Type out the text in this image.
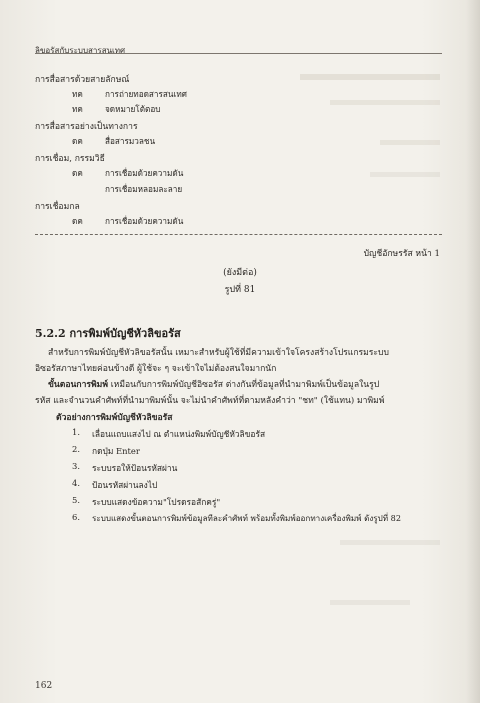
ลิขอรัสกับระบบสารสนเทศ
การสื่อสารด้วยสายลักษณ์
ทค	การถ่ายทอดสารสนเทศ
ทค	จดหมายโต้ตอบ
การสื่อสารอย่างเป็นทางการ
ดค	สื่อสารมวลชน
การเชื่อม, กรรมวิธี
ดค	การเชื่อมด้วยความดัน
การเชื่อมหลอมละลาย
การเชื่อมกล
ดค	การเชื่อมด้วยความดัน
บัญชีอักษรรัส หน้า 1
(ยังมีต่อ)
รูปที่ 81
5.2.2 การพิมพ์บัญชีหัวลิขอรัส
สำหรับการพิมพ์บัญชีหัวลิขอรัสนั้น เหมาะสำหรับผู้ใช้ที่มีความเข้าใจโครงสร้างโปรแกรมระบบ
อิซอรัสภาษาไทยค่อนข้างดี ผู้ใช้จะ ๆ จะเข้าใจไม่ต้องสนใจมากนัก
ขั้นตอนการพิมพ์ เหมือนกับการพิมพ์บัญชีอิซอรัส ต่างกันที่ข้อมูลที่นำมาพิมพ์เป็นข้อมูลในรูป
รหัส และจำนวนคำศัพท์ที่นำมาพิมพ์นั้น จะไม่นำคำศัพท์ที่ตามหลังคำว่า "ชท" (ใช้แทน) มาพิมพ์
ตัวอย่างการพิมพ์บัญชีหัวลิขอรัส
1. เลื่อนแถบแสงไป ณ ตำแหน่งพิมพ์บัญชีหัวลิขอรัส
2. กดปุ่ม Enter
3. ระบบรอให้ป้อนรหัสผ่าน
4. ป้อนรหัสผ่านลงไป
5. ระบบแสดงข้อความ"โปรดรอสักครู่"
6. ระบบแสดงขั้นตอนการพิมพ์ข้อมูลทีละคำศัพท์ พร้อมทั้งพิมพ์ออกทางเครื่องพิมพ์ ดังรูปที่ 82
162
